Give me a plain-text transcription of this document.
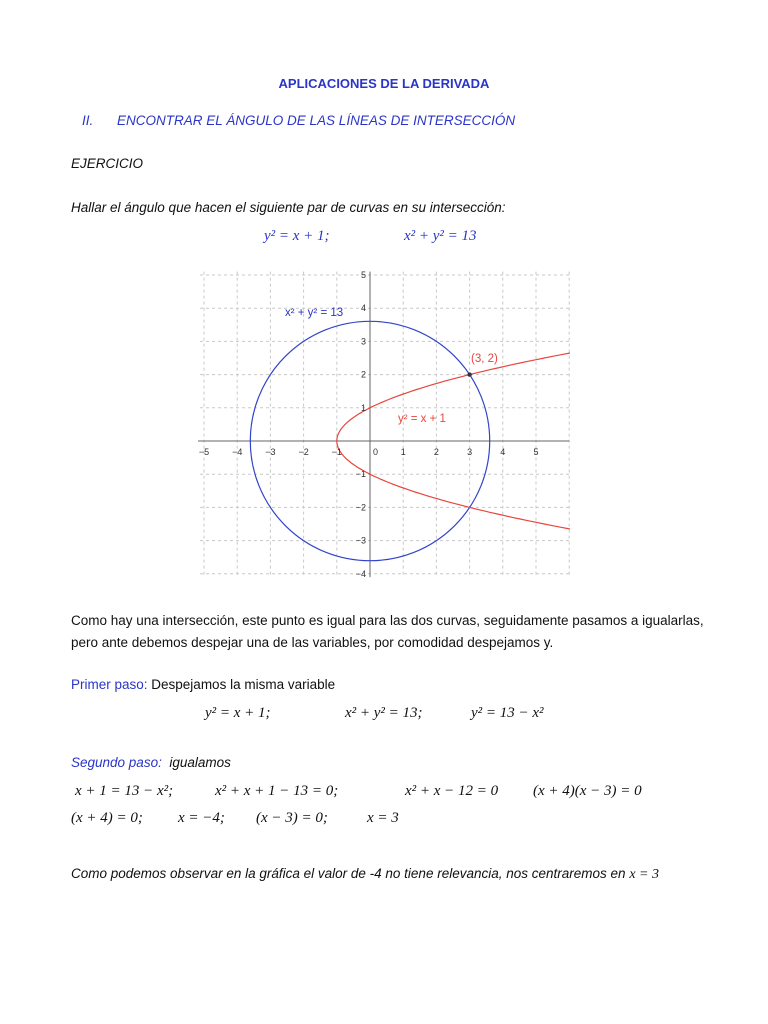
APLICACIONES DE LA DERIVADA
II. ENCONTRAR EL ÁNGULO DE LAS LÍNEAS DE INTERSECCIÓN
EJERCICIO
Hallar el ángulo que hacen el siguiente par de curvas en su intersección:
y² = x + 1;	x² + y² = 13
−5	−4	−3	−2	−1	1	2	3	4	5
0
5
4
3
2
1
−1
−2
−3
−4
x² + y² = 13
y² = x + 1
(3, 2)
Como hay una intersección, este punto es igual para las dos curvas, seguidamente pasamos a igualarlas, pero ante debemos despejar una de las variables, por comodidad despejamos y.
Primer paso: Despejamos la misma variable
y² = x + 1;	x² + y² = 13;	y² = 13 − x²
Segundo paso: igualamos
x + 1 = 13 − x²;	x² + x + 1 − 13 = 0;	x² + x − 12 = 0 (x + 4)(x − 3) = 0
(x + 4) = 0; x = −4; (x − 3) = 0;	x = 3
Como podemos observar en la gráfica el valor de -4 no tiene relevancia, nos centraremos en x = 3
